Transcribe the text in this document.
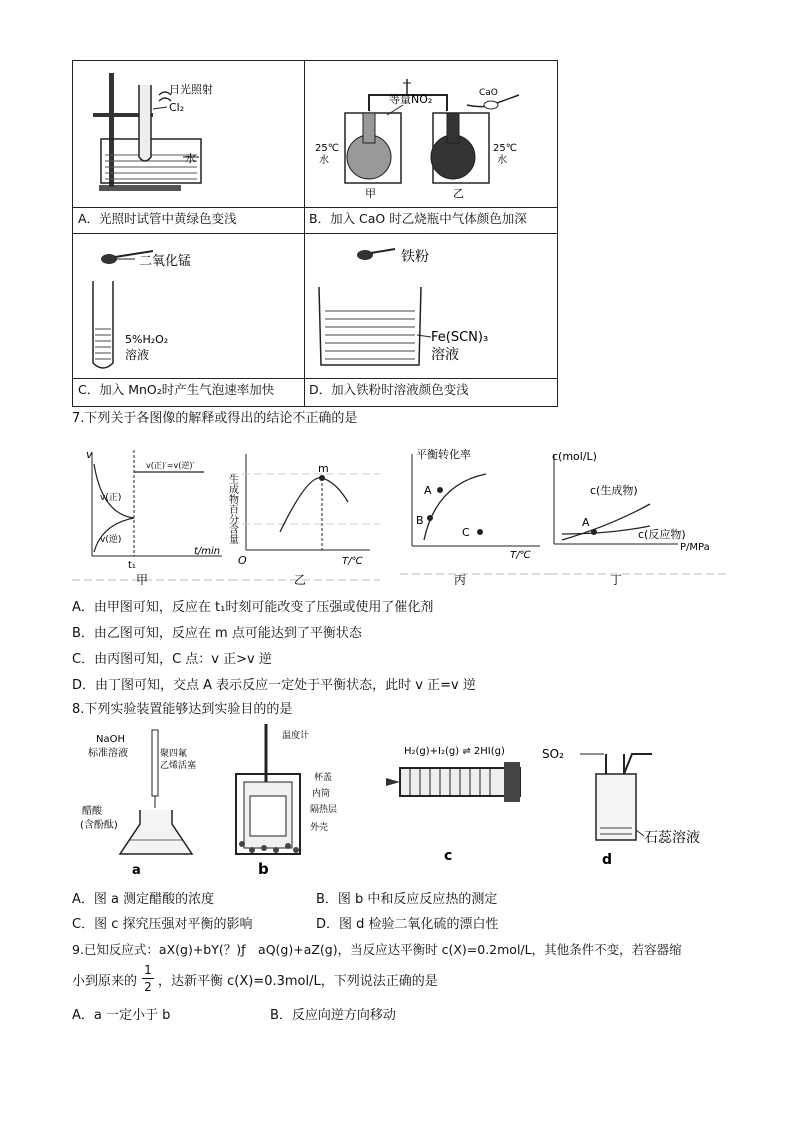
日光照射
Cl₂
水
A．光照时试管中黄绿色变浅
等量NO₂	CaO
25℃
水
25℃
水
甲	乙
B．加入 CaO 时乙烧瓶中气体颜色加深
二氧化锰
5%H₂O₂
溶液
C．加入 MnO₂时产生气泡速率加快
铁粉
Fe(SCN)₃
溶液
D．加入铁粉时溶液颜色变浅
7.下列关于各图像的解释或得出的结论不正确的是
v
v(正)′=v(逆)′
v(正)
v(逆)
t₁
t/min
甲
生成物百分含量
m
O	T/℃
乙
平衡转化率
A
B
C
T/℃
丙
c(mol/L)
c(生成物)
c(反应物)
A
P/MPa
丁
A．由甲图可知，反应在 t₁时刻可能改变了压强或使用了催化剂
B．由乙图可知，反应在 m 点可能达到了平衡状态
C．由丙图可知，C 点：v 正>v 逆
D．由丁图可知，交点 A 表示反应一定处于平衡状态，此时 v 正=v 逆
8.下列实验装置能够达到实验目的的是
NaOH
标准溶液	聚四氟
乙烯活塞
醋酸
(含酚酞)
a
温度计
杯盖
内筒
隔热层
外壳
b
H₂(g)+I₂(g) ⇌ 2HI(g)
c
SO₂
石蕊溶液
d
A．图 a 测定醋酸的浓度	B．图 b 中和反应反应热的测定
C．图 c 探究压强对平衡的影响	D．图 d 检验二氧化硫的漂白性
9.已知反应式：aX(g)+bY(？)ƒ　aQ(g)+aZ(g)，当反应达平衡时 c(X)=0.2mol/L，其他条件不变，若容器缩
小到原来的 $\frac{1}{2}$ ，达新平衡 c(X)=0.3mol/L，下列说法正确的是
A．a 一定小于 b	B．反应向逆方向移动
